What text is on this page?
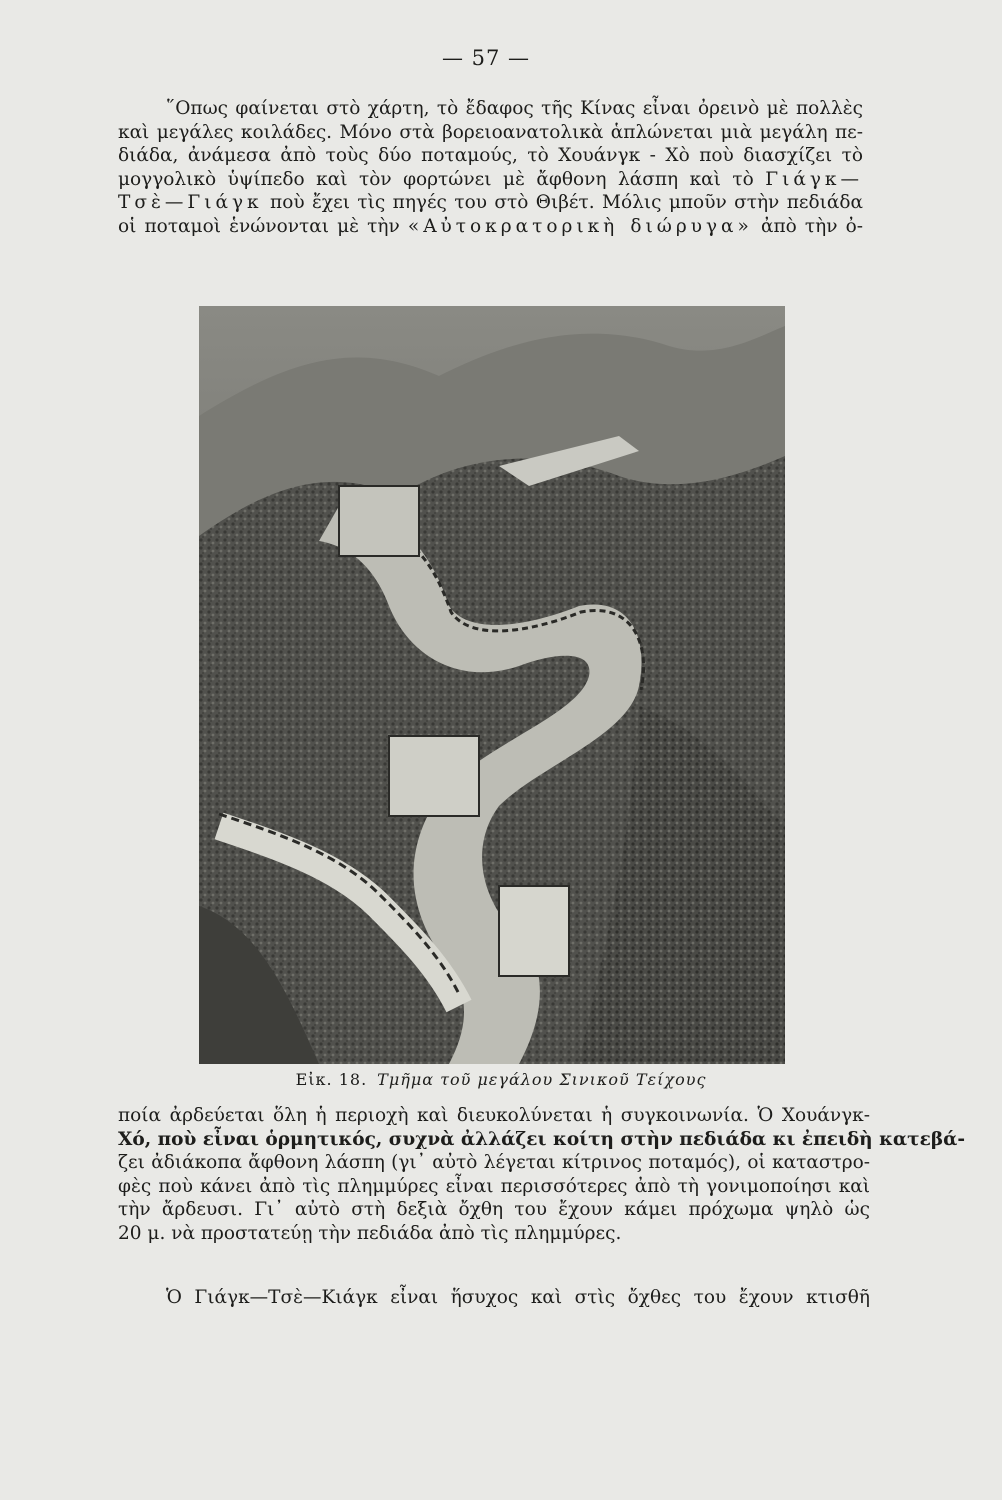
— 57 —
῞Οπως φαίνεται στὸ χάρτη, τὸ ἔδαφος τῆς Κίνας εἶναι ὀρεινὸ μὲ πολλὲς
καὶ μεγάλες κοιλάδες. Μόνο στὰ βορειοανατολικὰ ἁπλώνεται μιὰ μεγάλη πε-
διάδα, ἀνάμεσα ἀπὸ τοὺς δύο ποταμούς, τὸ Χουάνγκ - Χὸ ποὺ διασχίζει τὸ
μογγολικὸ ὑψίπεδο καὶ τὸν φορτώνει μὲ ἄφθονη λάσπη καὶ τὸ Γιάγκ—
Τσὲ—Γιάγκ ποὺ ἔχει τὶς πηγές του στὸ Θιβέτ. Μόλις μποῦν στὴν πεδιάδα
οἱ ποταμοὶ ἑνώνονται μὲ τὴν «Αὐτοκρατορικὴ διώρυγα» ἀπὸ τὴν ὀ-
Εἰκ. 18. Τμῆμα τοῦ μεγάλου Σινικοῦ Τείχους
ποία ἀρδεύεται ὅλη ἡ περιοχὴ καὶ διευκολύνεται ἡ συγκοινωνία. Ὁ Χουάνγκ-
Χό, ποὺ εἶναι ὁρμητικός, συχνὰ ἀλλάζει κοίτη στὴν πεδιάδα κι ἐπειδὴ κατεβά-
ζει ἀδιάκοπα ἄφθονη λάσπη (γι᾽ αὐτὸ λέγεται κίτρινος ποταμός), οἱ καταστρο-
φὲς ποὺ κάνει ἀπὸ τὶς πλημμύρες εἶναι περισσότερες ἀπὸ τὴ γονιμοποίησι καὶ
τὴν ἄρδευσι. Γι᾽ αὐτὸ στὴ δεξιὰ ὄχθη του ἔχουν κάμει πρόχωμα ψηλὸ ὡς
20 μ. νὰ προστατεύῃ τὴν πεδιάδα ἀπὸ τὶς πλημμύρες.
Ὁ Γιάγκ—Τσὲ—Κιάγκ εἶναι ἥσυχος καὶ στὶς ὄχθες του ἔχουν κτισθῆ
